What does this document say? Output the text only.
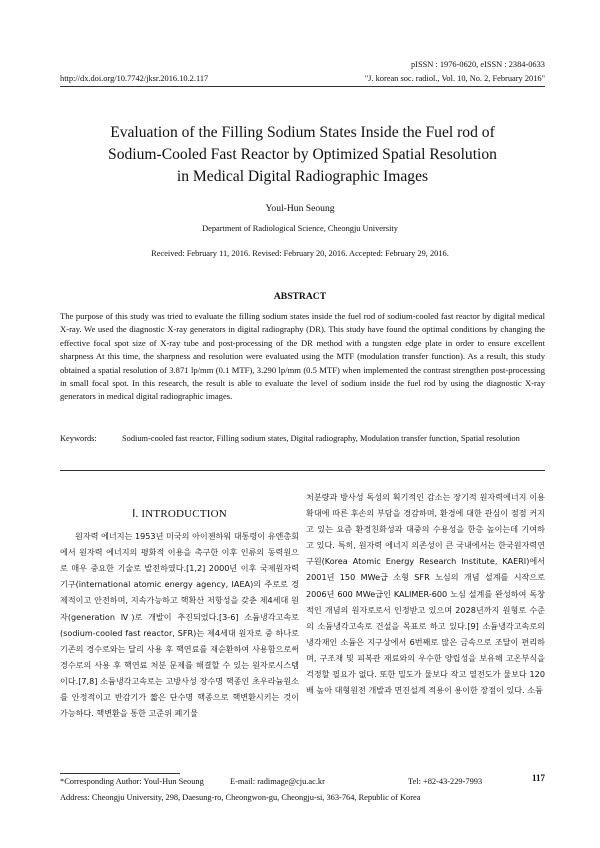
pISSN : 1976-0620, eISSN : 2384-0633
http://dx.doi.org/10.7742/jksr.2016.10.2.117	"J. korean soc. radiol., Vol. 10, No. 2, February 2016"
Evaluation of the Filling Sodium States Inside the Fuel rod of
Sodium-Cooled Fast Reactor by Optimized Spatial Resolution
in Medical Digital Radiographic Images
Youl-Hun Seoung
Department of Radiological Science, Cheongju University
Received: February 11, 2016. Revised: February 20, 2016. Accepted: February 29, 2016.
ABSTRACT
The purpose of this study was tried to evaluate the filling sodium states inside the fuel rod of sodium-cooled fast reactor by digital medical X-ray. We used the diagnostic X-ray generators in digital radiography (DR). This study have found the optimal conditions by changing the effective focal spot size of X-ray tube and post-processing of the DR method with a tungsten edge plate in order to ensure excellent sharpness At this time, the sharpness and resolution were evaluated using the MTF (modulation transfer function). As a result, this study obtained a spatial resolution of 3.871 lp/mm (0.1 MTF), 3.290 lp/mm (0.5 MTF) when implemented the contrast strengthen post-processing in small focal spot. In this research, the result is able to evaluate the level of sodium inside the fuel rod by using the diagnostic X-ray generators in medical digital radiographic images.
Keywords:	Sodium-cooled fast reactor, Filling sodium states, Digital radiography, Modulation transfer function, Spatial resolution
Ⅰ. INTRODUCTION

원자력 에너지는 1953년 미국의 아이젠하워 대통령이 유엔총회에서 원자력 에너지의 평화적 이용을 촉구한 이후 인류의 동력원으로 매우 중요한 기술로 발전하였다.[1,2] 2000년 이후 국제원자력기구(international atomic energy agency, IAEA)의 주로로 경제적이고 안전하며, 지속가능하고 핵확산 저항성을 갖춘 제4세대 원자(generation Ⅳ)로 개발이 추진되었다.[3-6] 소듐냉각고속로(sodium-cooled fast reactor, SFR)는 제4세대 원자로 중 하나로 기존의 경수로와는 달리 사용 후 핵연료를 재순환하여 사용함으로써 경수로의 사용 후 핵연료 처분 문제를 해결할 수 있는 원자로시스템이다.[7,8] 소듐냉각고속로는 고방사성 장수명 핵종인 초우라늄원소를 안정적이고 반감기가 짧은 단수명 핵종으로 핵변환시키는 것이 가능하다. 핵변환을 통한 고준위 폐기물

처분량과 방사성 독성의 획기적인 감소는 장기적 원자력에너지 이용확대에 따른 후손의 부담을 경감하며, 환경에 대한 관심이 점점 커지고 있는 요즘 환경친화성과 대중의 수용성을 한층 높이는데 기여하고 있다. 특히, 원자력 에너지 의존성이 큰 국내에서는 한국원자력연구원(Korea Atomic Energy Research Institute, KAERI)에서 2001년 150 MWe급 소형 SFR 노심의 개념 설계를 시작으로 2006년 600 MWe급인 KALIMER-600 노심 설계를 완성하여 독창적인 개념의 원자로로서 인정받고 있으며 2028년까지 원형로 수준의 소듐냉각고속로 건설을 목표로 하고 있다.[9] 소듐냉각고속로의 냉각재인 소듐은 지구상에서 6번째로 많은 금속으로 조달이 편리하며, 구조재 및 피복관 재료와의 우수한 양립성을 보유해 고온부식을 걱정할 필요가 없다. 또한 밀도가 물보다 작고 열전도가 물보다 120배 높아 대형원전 개발과 면진설계 적용이 용이한 장점이 있다. 소듐

*Corresponding Author: Youl-Hun Seoung	E-mail: radimage@cju.ac.kr	Tel: +82-43-229-7993
Address: Cheongju University, 298, Daesung-ro, Cheongwon-gu, Cheongju-si, 363-764, Republic of Korea
117
